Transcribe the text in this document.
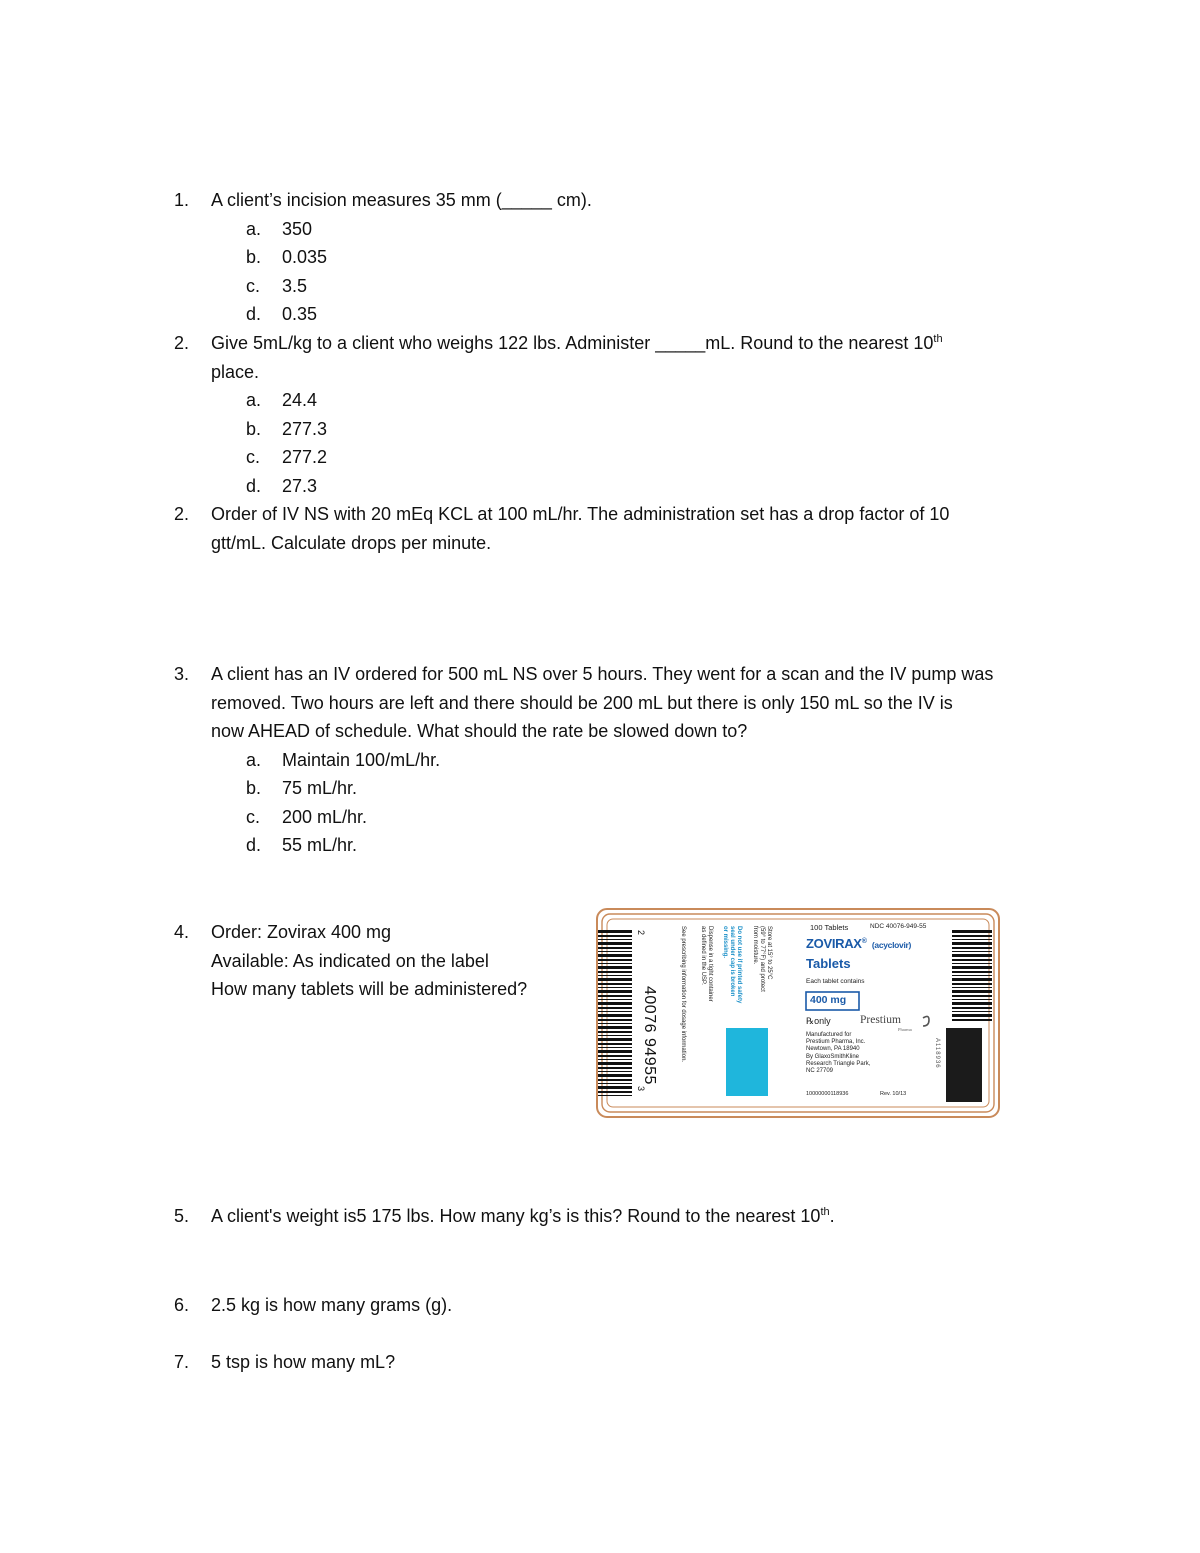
1.	A client’s incision measures 35 mm (_____ cm).
a. 350
b. 0.035
c. 3.5
d. 0.35
2.	Give 5mL/kg to a client who weighs 122 lbs. Administer _____mL. Round to the nearest 10th
place.
a. 24.4
b. 277.3
c. 277.2
d. 27.3
2.	Order of IV NS with 20 mEq KCL at 100 mL/hr. The administration set has a drop factor of 10
gtt/mL. Calculate drops per minute.
3.	A client has an IV ordered for 500 mL NS over 5 hours. They went for a scan and the IV pump was
removed. Two hours are left and there should be 200 mL but there is only 150 mL so the IV is
now AHEAD of schedule. What should the rate be slowed down to?
a. Maintain 100/mL/hr.
b. 75 mL/hr.
c. 200 mL/hr.
d. 55 mL/hr.
4.	Order: Zovirax 400 mg
Available: As indicated on the label
How many tablets will be administered?
5.	A client's weight is5 175 lbs. How many kg’s is this? Round to the nearest 10th.
6.	2.5 kg is how many grams (g).
7.	5 tsp is how many mL?
100 Tablets	NDC 40076-949-55
ZOVIRAX® (acyclovir)
Tablets
Each tablet contains
400 mg
℞only	Prestium
Pharma
Manufactured for
Prestium Pharma, Inc.
Newtown, PA 18940
By GlaxoSmithKline
Research Triangle Park,
NC 27709
10000000118936	Rev. 10/13
Store at 15° to 25°C
(59° to 77°F) and protect
from moisture.
Do not use if printed safety
seal under cap is broken
or missing.
Dispense in a tight container
as defined in the USP.
See prescribing information for dosage information.
40076 94955
3
2
A118936
